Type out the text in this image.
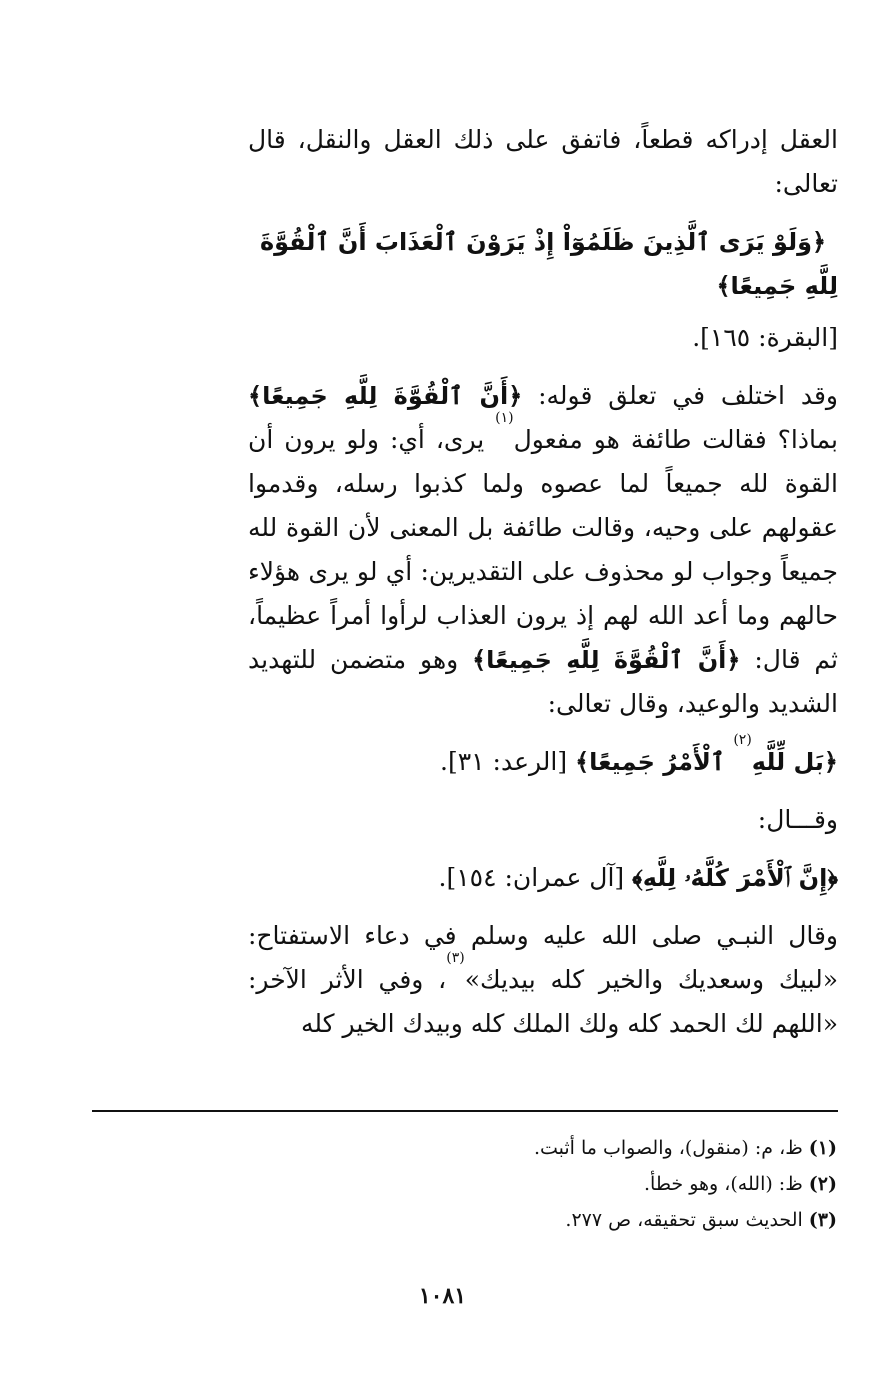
العقل إدراكه قطعاً، فاتفق على ذلك العقل والنقل، قال تعالى:

﴿وَلَوْ يَرَى ٱلَّذِينَ ظَلَمُوٓاْ إِذْ يَرَوْنَ ٱلْعَذَابَ أَنَّ ٱلْقُوَّةَ لِلَّهِ جَمِيعًا﴾

[البقرة: ١٦٥].

وقد اختلف في تعلق قوله: ﴿أَنَّ ٱلْقُوَّةَ لِلَّهِ جَمِيعًا﴾ بماذا؟ فقالت طائفة هو مفعول$^{(١)}$ يرى، أي: ولو يرون أن القوة لله جميعاً لما عصوه ولما كذبوا رسله، وقدموا عقولهم على وحيه، وقالت طائفة بل المعنى لأن القوة لله جميعاً وجواب لو محذوف على التقديرين: أي لو يرى هؤلاء حالهم وما أعد الله لهم إذ يرون العذاب لرأوا أمراً عظيماً، ثم قال: ﴿أَنَّ ٱلْقُوَّةَ لِلَّهِ جَمِيعًا﴾ وهو متضمن للتهديد الشديد والوعيد، وقال تعالى:

﴿بَل لِّلَّهِ$^{(٢)}$ ٱلْأَمْرُ جَمِيعًا﴾ [الرعد: ٣١].

وقـــال:

﴿إِنَّ ٱلْأَمْرَ كُلَّهُۥ لِلَّهِ﴾ [آل عمران: ١٥٤].

وقال النبـي صلى الله عليه وسلم في دعاء الاستفتاح: «لبيك وسعديك والخير كله بيديك»$^{(٣)}$، وفي الأثر الآخر: «اللهم لك الحمد كله ولك الملك كله وبيدك الخير كله

(١)ظ، م: (منقول)، والصواب ما أثبت.

(٢)ظ: (الله)، وهو خطأ.

(٣)الحديث سبق تحقيقه، ص ٢٧٧.

١٠٨١
